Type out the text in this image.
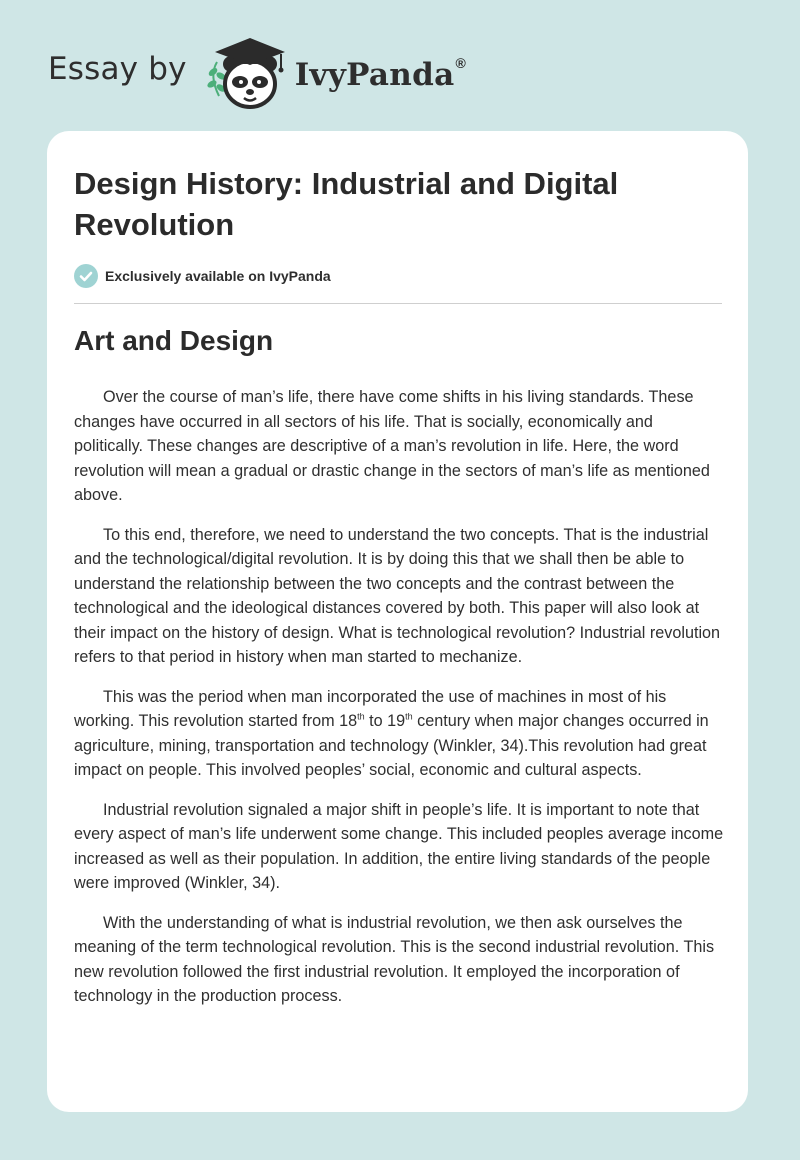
Essay by	IvyPanda®
Design History: Industrial and Digital Revolution
Exclusively available on IvyPanda
Art and Design

Over the course of man’s life, there have come shifts in his living standards. These changes have occurred in all sectors of his life. That is socially, economically and politically. These changes are descriptive of a man’s revolution in life. Here, the word revolution will mean a gradual or drastic change in the sectors of man’s life as mentioned above.

To this end, therefore, we need to understand the two concepts. That is the industrial and the technological/digital revolution. It is by doing this that we shall then be able to understand the relationship between the two concepts and the contrast between the technological and the ideological distances covered by both. This paper will also look at their impact on the history of design. What is technological revolution? Industrial revolution refers to that period in history when man started to mechanize.

This was the period when man incorporated the use of machines in most of his working. This revolution started from 18th to 19th century when major changes occurred in agriculture, mining, transportation and technology (Winkler, 34).This revolution had great impact on people. This involved peoples’ social, economic and cultural aspects.

Industrial revolution signaled a major shift in people’s life. It is important to note that every aspect of man’s life underwent some change. This included peoples average income increased as well as their population. In addition, the entire living standards of the people were improved (Winkler, 34).

With the understanding of what is industrial revolution, we then ask ourselves the meaning of the term technological revolution. This is the second industrial revolution. This new revolution followed the first industrial revolution. It employed the incorporation of technology in the production process.
